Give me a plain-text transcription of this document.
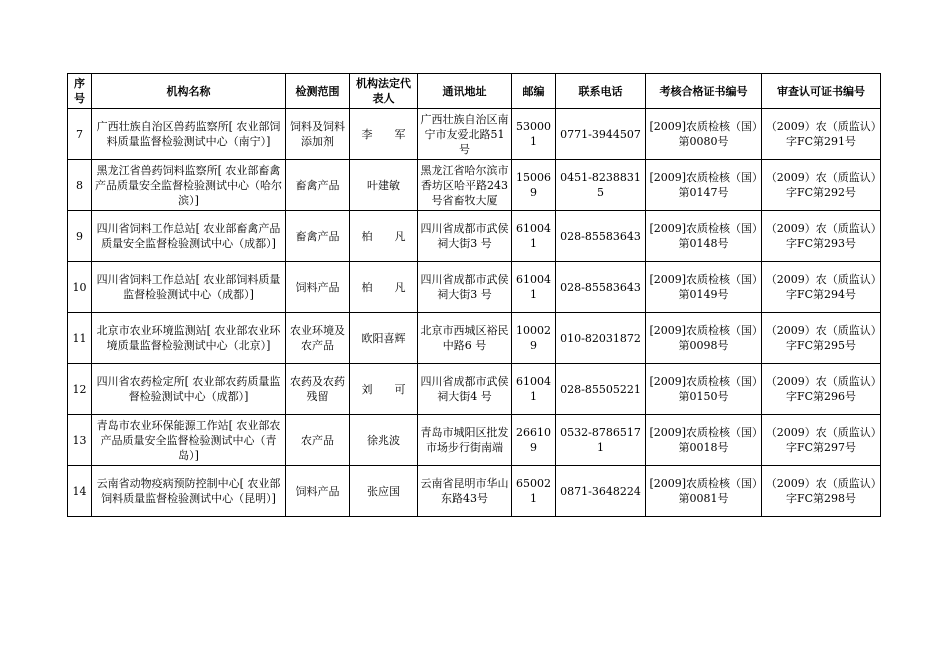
序号	机构名称	检测范围	机构法定代表人	通讯地址	邮编	联系电话	考核合格证书编号	审查认可证书编号
7	广西壮族自治区兽药监察所[ 农业部饲料质量监督检验测试中心（南宁）]	饲料及饲料添加剂	李　　军	广西壮族自治区南宁市友爱北路51号	530001	0771-3944507	[2009]农质检核（国）第0080号	（2009）农（质监认）字FC第291号
8	黑龙江省兽药饲料监察所[ 农业部畜禽产品质量安全监督检验测试中心（哈尔滨）]	畜禽产品	叶建敏	黑龙江省哈尔滨市香坊区哈平路243 号省畜牧大厦	150069	0451-82388315	[2009]农质检核（国）第0147号	（2009）农（质监认）字FC第292号
9	四川省饲料工作总站[ 农业部畜禽产品质量安全监督检验测试中心（成都）]	畜禽产品	柏　　凡	四川省成都市武侯祠大街3 号	610041	028-85583643	[2009]农质检核（国）第0148号	（2009）农（质监认）字FC第293号
10	四川省饲料工作总站[ 农业部饲料质量监督检验测试中心（成都）]	饲料产品	柏　　凡	四川省成都市武侯祠大街3 号	610041	028-85583643	[2009]农质检核（国）第0149号	（2009）农（质监认）字FC第294号
11	北京市农业环境监测站[ 农业部农业环境质量监督检验测试中心（北京）]	农业环境及农产品	欧阳喜辉	北京市西城区裕民中路6 号	100029	010-82031872	[2009]农质检核（国）第0098号	（2009）农（质监认）字FC第295号
12	四川省农药检定所[ 农业部农药质量监督检验测试中心（成都）]	农药及农药残留	刘　　可	四川省成都市武侯祠大街4 号	610041	028-85505221	[2009]农质检核（国）第0150号	（2009）农（质监认）字FC第296号
13	青岛市农业环保能源工作站[ 农业部农产品质量安全监督检验测试中心（青岛）]	农产品	徐兆波	青岛市城阳区批发市场步行街南端	266109	0532-87865171	[2009]农质检核（国）第0018号	（2009）农（质监认）字FC第297号
14	云南省动物疫病预防控制中心[ 农业部饲料质量监督检验测试中心（昆明）]	饲料产品	张应国	云南省昆明市华山东路43号	650021	0871-3648224	[2009]农质检核（国）第0081号	（2009）农（质监认）字FC第298号
